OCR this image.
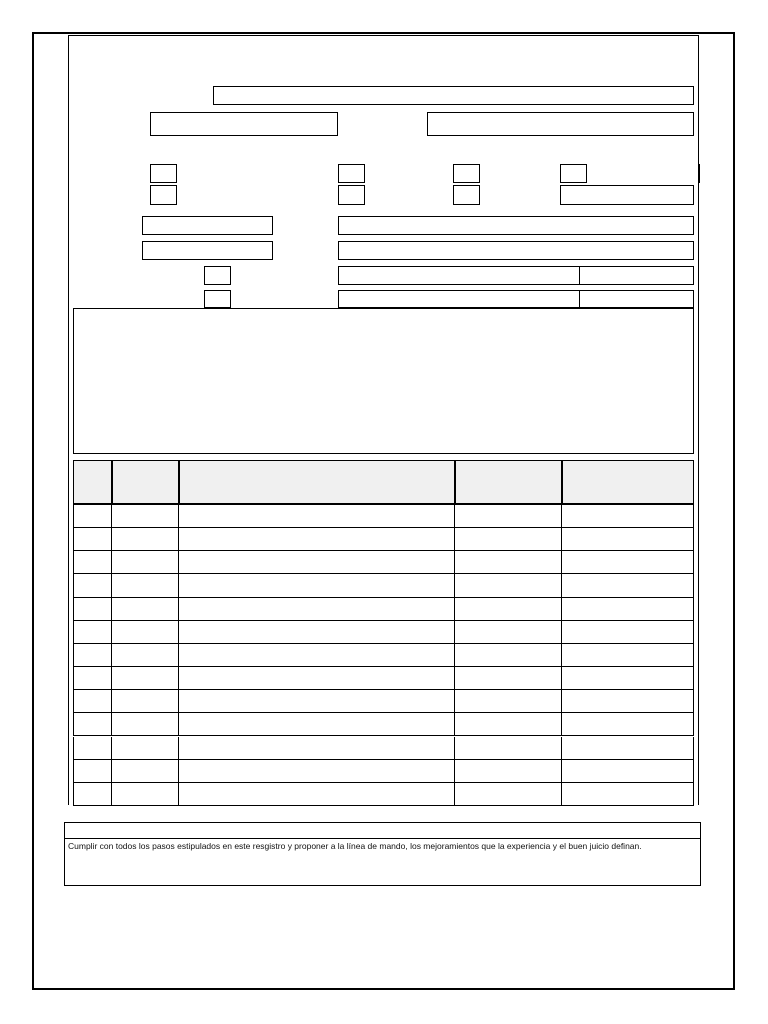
Cumplir con todos los pasos estipulados en este resgistro y proponer a la línea de mando, los mejoramientos que la experiencia y el buen juicio definan.
